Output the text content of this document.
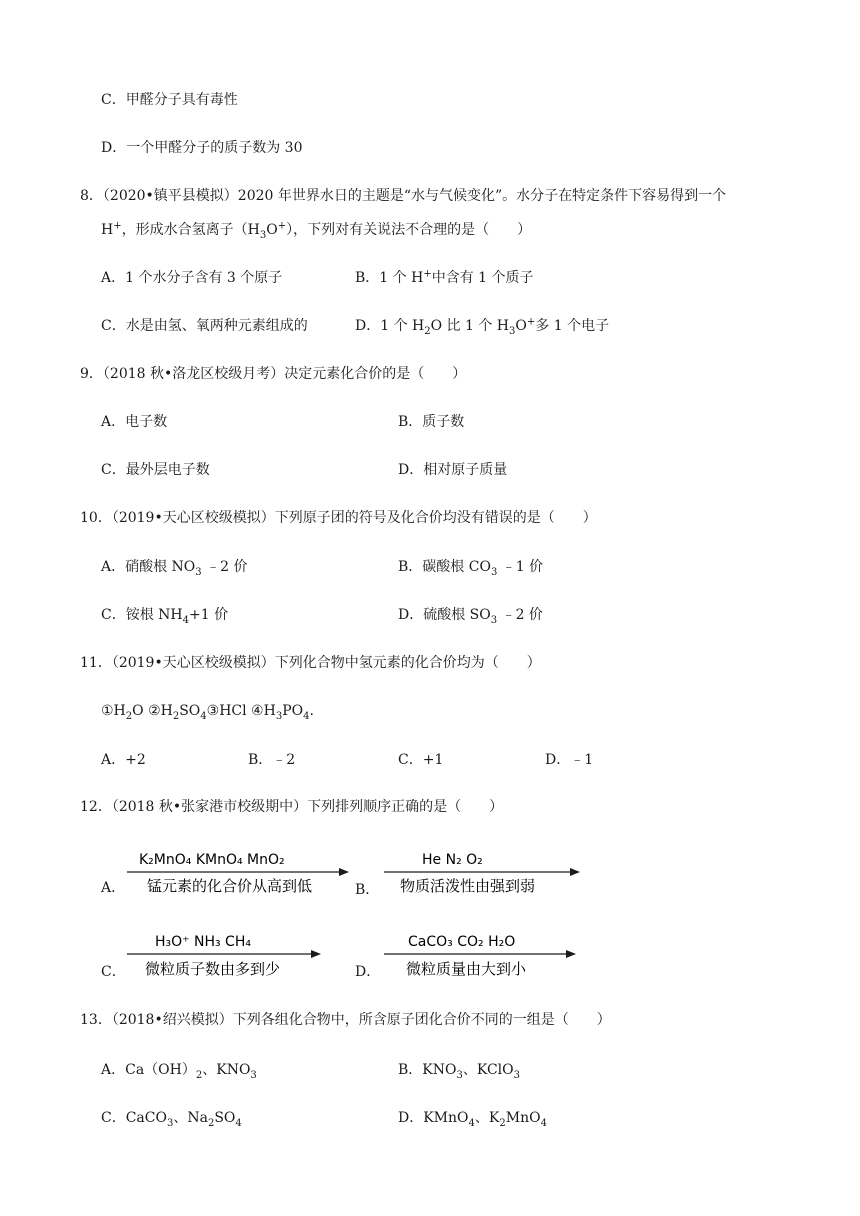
C．甲醛分子具有毒性
D．一个甲醛分子的质子数为 30
8．（2020•镇平县模拟）2020 年世界水日的主题是“水与气候变化”。水分子在特定条件下容易得到一个
H+，形成水合氢离子$(H_3O^+)$，下列对有关说法不合理的是（　　）
A．1 个水分子含有 3 个原子	B．1 个 H+中含有 1 个质子
C．水是由氢、氧两种元素组成的	D．1 个 $H_2O$ 比 1 个 $H_3O^+$多 1 个电子
9．（2018 秋•洛龙区校级月考）决定元素化合价的是（　　）
A．电子数	B．质子数
C．最外层电子数	D．相对原子质量
10．（2019•天心区校级模拟）下列原子团的符号及化合价均没有错误的是（　　）
A．硝酸根 $NO_3$ ﹣2 价	B．碳酸根 $CO_3$ ﹣1 价
C．铵根 $NH_4+1$ 价	D．硫酸根 $SO_3$ ﹣2 价
11．（2019•天心区校级模拟）下列化合物中氢元素的化合价均为（　　）
$①H_2O$ $②H_2SO_4③HCl$ $④H_3PO_4$.
A．+2	B．﹣2	C．+1	D．﹣1
12．（2018 秋•张家港市校级期中）下列排列顺序正确的是（　　）
A．
K₂MnO₄ KMnO₄ MnO₂
锰元素的化合价从高到低	B．
He N₂ O₂
物质活泼性由强到弱
C．
H₃O⁺ NH₃ CH₄
微粒质子数由多到少	D．
CaCO₃ CO₂ H₂O
微粒质量由大到小
13．（2018•绍兴模拟）下列各组化合物中，所含原子团化合价不同的一组是（　　）
A．$Ca(OH)_2$、$KNO_3$	B．$KNO_3$、KClO$_3$
C．CaCO$_3$、$Na_2SO_4$	D．KMnO$_4$、$K_2MnO_4$
